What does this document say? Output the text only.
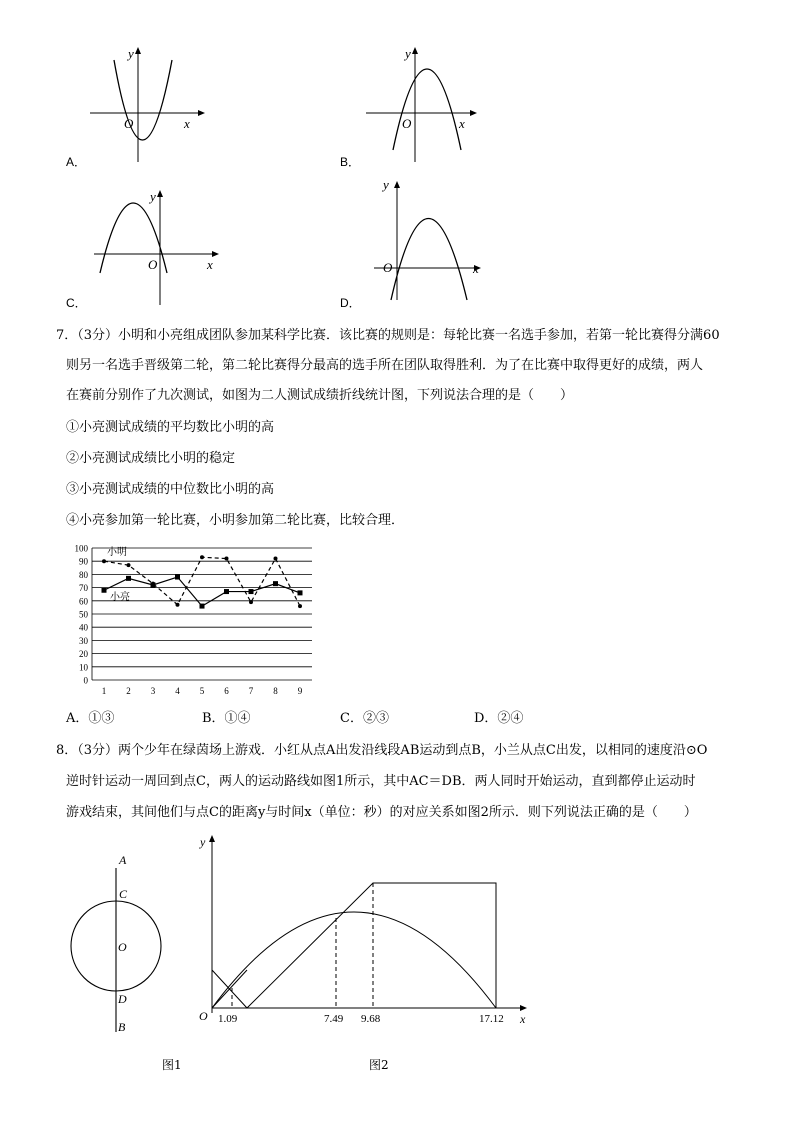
y
x
O
A．
y
x
O
B．
y
x
O
C．
y
x
O
D．
7．（3分）小明和小亮组成团队参加某科学比赛．该比赛的规则是：每轮比赛一名选手参加，若第一轮比赛得分满60
则另一名选手晋级第二轮，第二轮比赛得分最高的选手所在团队取得胜利．为了在比赛中取得更好的成绩，两人
在赛前分别作了九次测试，如图为二人测试成绩折线统计图，下列说法合理的是（　　）
①小亮测试成绩的平均数比小明的高
②小亮测试成绩比小明的稳定
③小亮测试成绩的中位数比小明的高
④小亮参加第一轮比赛，小明参加第二轮比赛，比较合理．
0
10
20
30
40
50
60
70
80
90
100
1 2 3 4 5 6 7 8 9
小明
小亮
A．①③	B．①④	C．②③	D．②④
8．（3分）两个少年在绿茵场上游戏．小红从点A出发沿线段AB运动到点B，小兰从点C出发，以相同的速度沿⊙O
逆时针运动一周回到点C，两人的运动路线如图1所示，其中AC＝DB．两人同时开始运动，直到都停止运动时
游戏结束，其间他们与点C的距离y与时间x（单位：秒）的对应关系如图2所示．则下列说法正确的是（　　）
A
C
O
D
B
图1
y
x
O 1.09	7.49 9.68	17.12
图2
